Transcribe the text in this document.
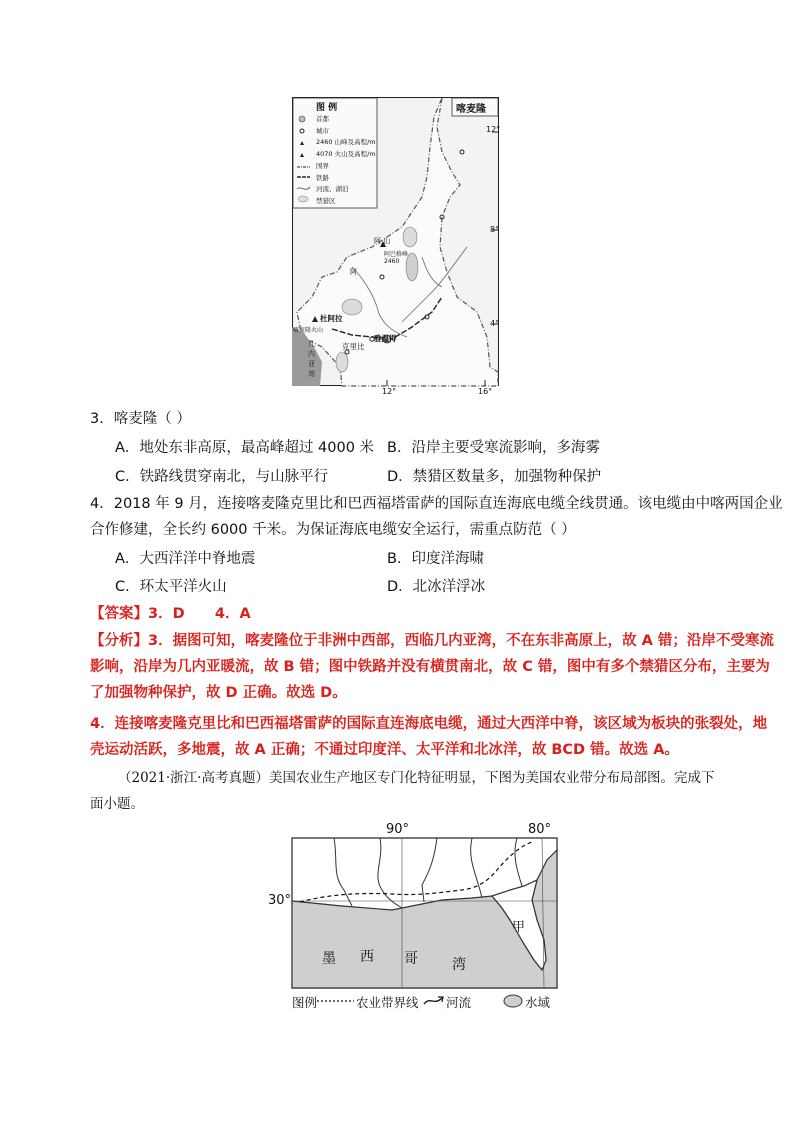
图 例
首都
城市
2460 山峰及高程/m
4070 火山及高程/m
国界
铁路
河流、湖泊
禁猎区
喀麦隆
12°
8°
4°
12°	16°
阿 山
阿巴格峰 2460
阿
杜阿拉
喀麦隆火山
雅温得
克里比
几 内 亚 湾
3．喀麦隆（ ）
A．地处东非高原，最高峰超过 4000 米 B．沿岸主要受寒流影响，多海雾
C．铁路线贯穿南北，与山脉平行	D．禁猎区数量多，加强物种保护
4．2018 年 9 月，连接喀麦隆克里比和巴西福塔雷萨的国际直连海底电缆全线贯通。该电缆由中喀两国企业
合作修建，全长约 6000 千米。为保证海底电缆安全运行，需重点防范（ ）
A．大西洋洋中脊地震	B．印度洋海啸
C．环太平洋火山	D．北冰洋浮冰
【答案】3．D      4．A
【分析】3．据图可知，喀麦隆位于非洲中西部，西临几内亚湾，不在东非高原上，故 A 错；沿岸不受寒流
影响，沿岸为几内亚暖流，故 B 错；图中铁路并没有横贯南北，故 C 错，图中有多个禁猎区分布，主要为
了加强物种保护，故 D 正确。故选 D。
4．连接喀麦隆克里比和巴西福塔雷萨的国际直连海底电缆，通过大西洋中脊，该区域为板块的张裂处，地
壳运动活跃，多地震，故 A 正确；不通过印度洋、太平洋和北冰洋，故 BCD 错。故选 A。
（2021·浙江·高考真题）美国农业生产地区专门化特征明显，下图为美国农业带分布局部图。完成下
面小题。
90°	80°
30°
甲
墨 西 哥 湾
图例	农业带界线 河流	水域
